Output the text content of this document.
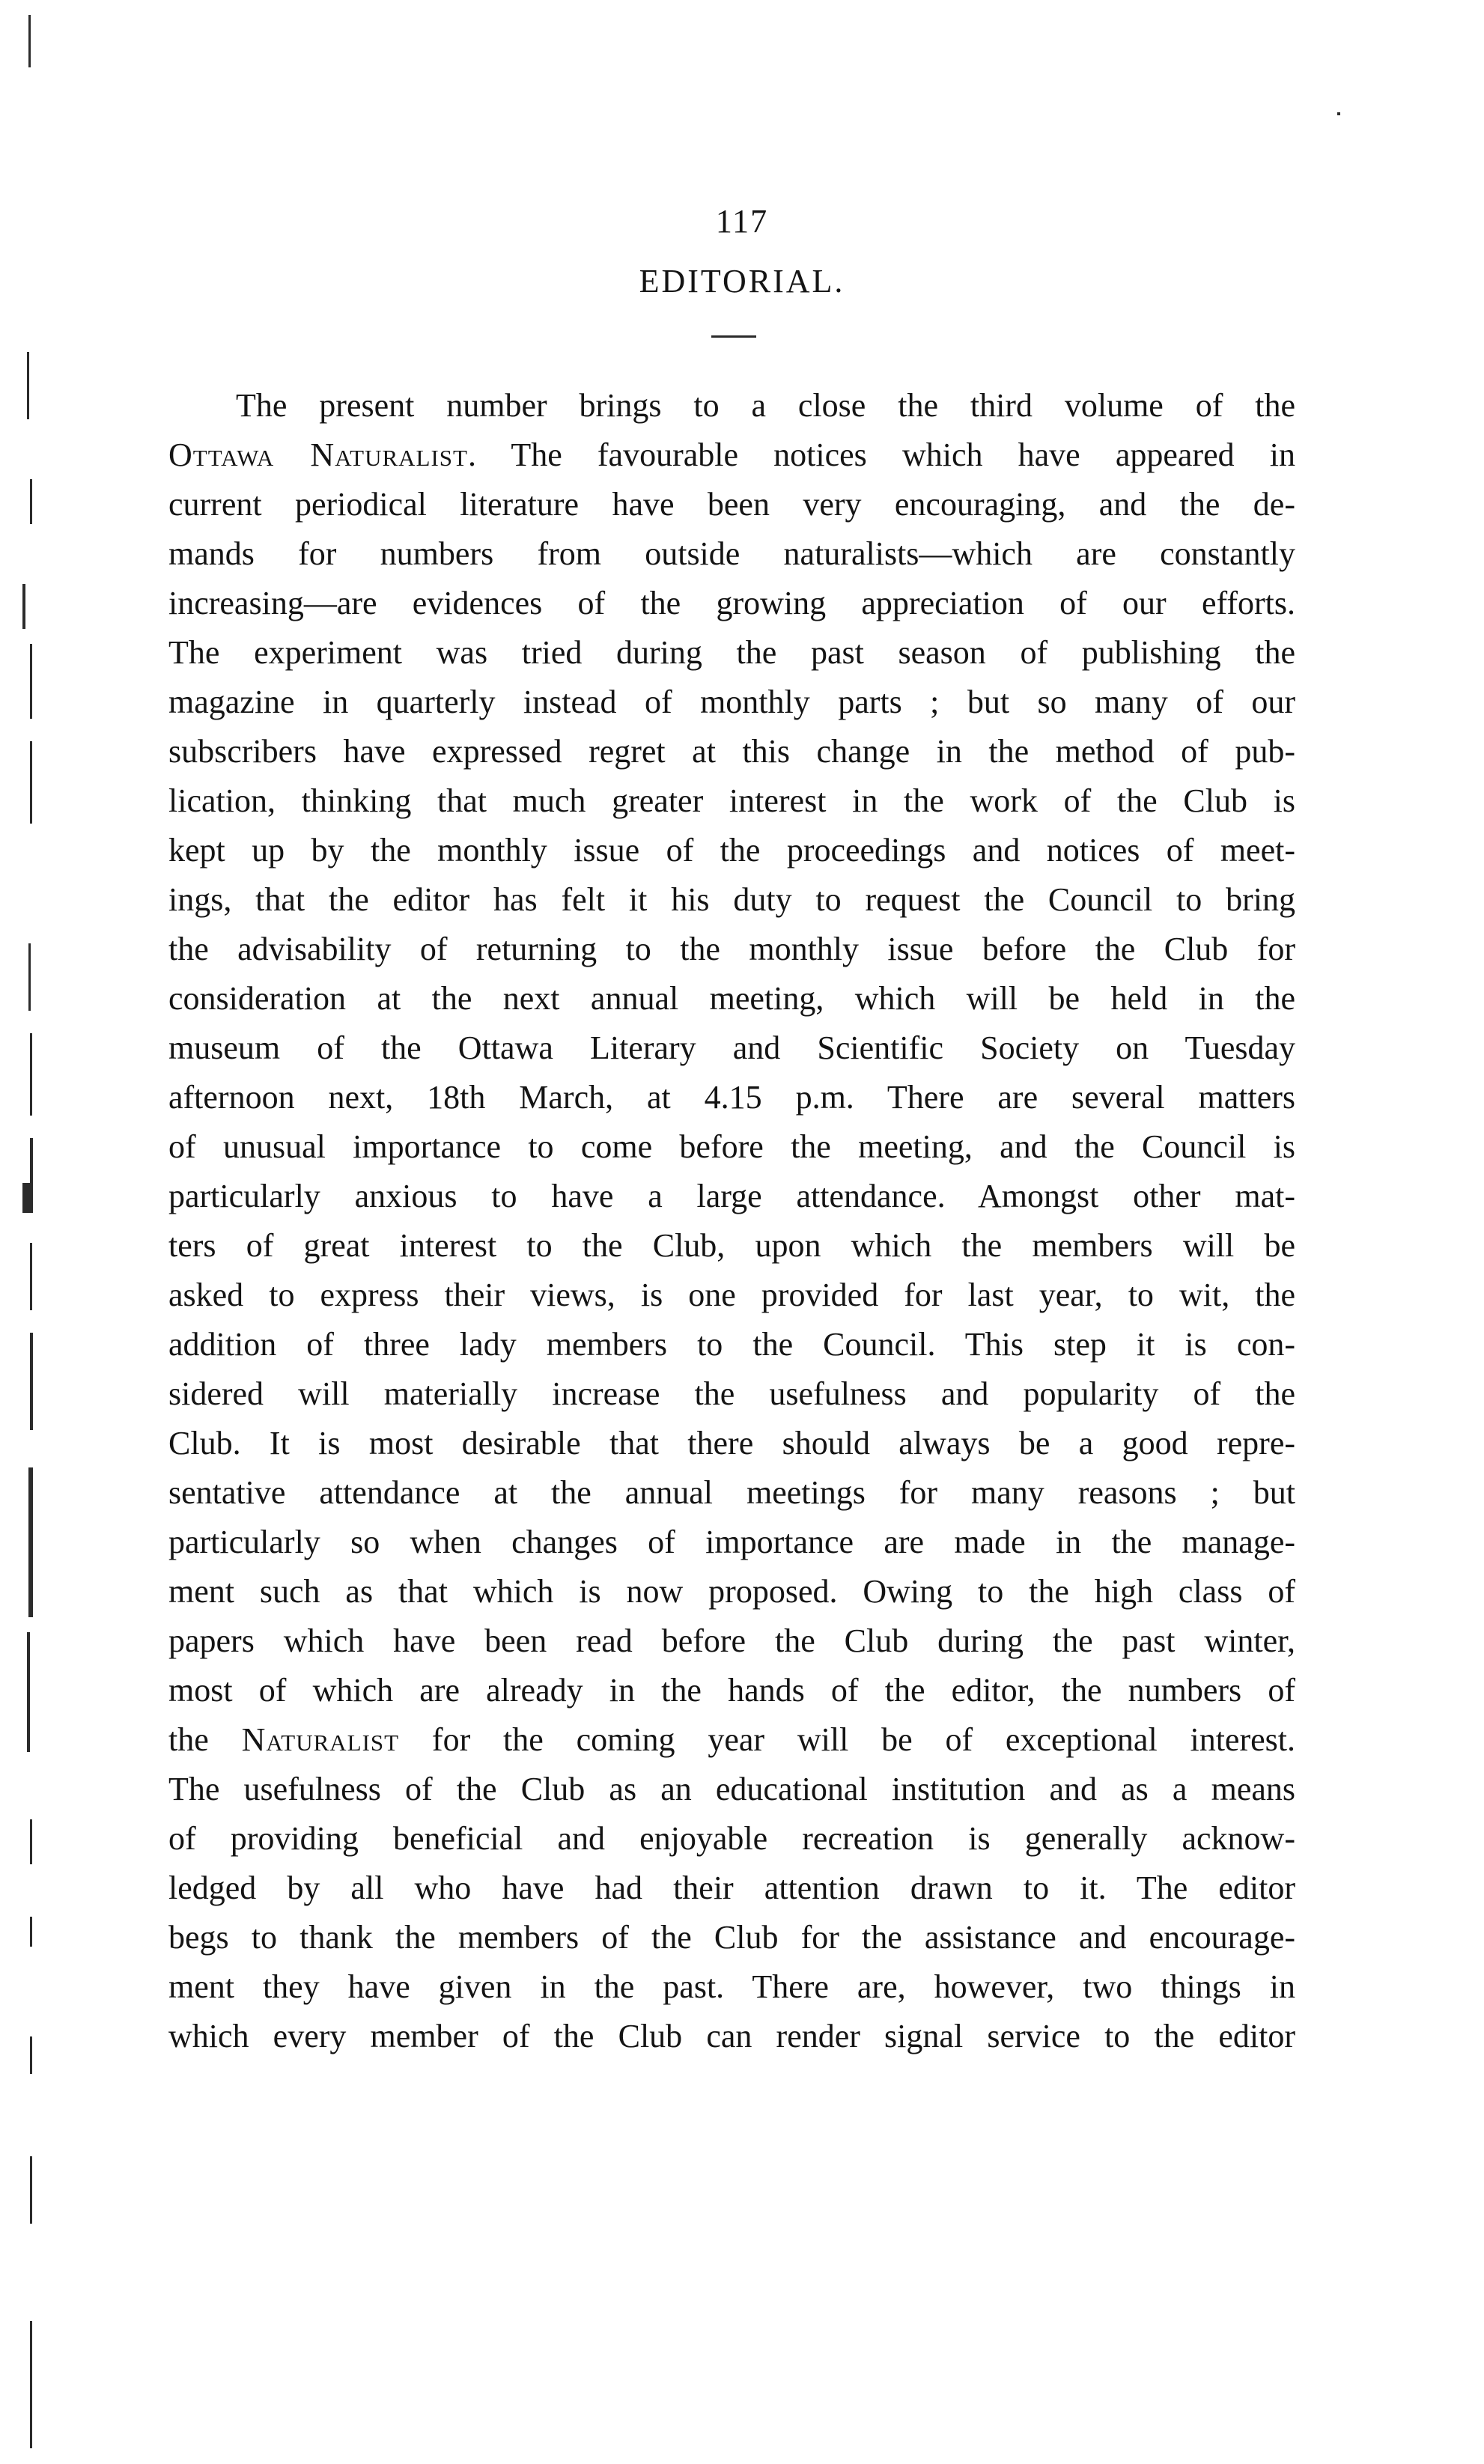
117
EDITORIAL.
The present number brings to a close the third volume of the
Ottawa Naturalist. The favourable notices which have appeared in
current periodical literature have been very encouraging, and the de-
mands for numbers from outside naturalists—which are constantly
increasing—are evidences of the growing appreciation of our efforts.
The experiment was tried during the past season of publishing the
magazine in quarterly instead of monthly parts ; but so many of our
subscribers have expressed regret at this change in the method of pub-
lication, thinking that much greater interest in the work of the Club is
kept up by the monthly issue of the proceedings and notices of meet-
ings, that the editor has felt it his duty to request the Council to bring
the advisability of returning to the monthly issue before the Club for
consideration at the next annual meeting, which will be held in the
museum of the Ottawa Literary and Scientific Society on Tuesday
afternoon next, 18th March, at 4.15 p.m. There are several matters
of unusual importance to come before the meeting, and the Council is
particularly anxious to have a large attendance. Amongst other mat-
ters of great interest to the Club, upon which the members will be
asked to express their views, is one provided for last year, to wit, the
addition of three lady members to the Council. This step it is con-
sidered will materially increase the usefulness and popularity of the
Club. It is most desirable that there should always be a good repre-
sentative attendance at the annual meetings for many reasons ; but
particularly so when changes of importance are made in the manage-
ment such as that which is now proposed. Owing to the high class of
papers which have been read before the Club during the past winter,
most of which are already in the hands of the editor, the numbers of
the Naturalist for the coming year will be of exceptional interest.
The usefulness of the Club as an educational institution and as a means
of providing beneficial and enjoyable recreation is generally acknow-
ledged by all who have had their attention drawn to it. The editor
begs to thank the members of the Club for the assistance and encourage-
ment they have given in the past. There are, however, two things in
which every member of the Club can render signal service to the editor
